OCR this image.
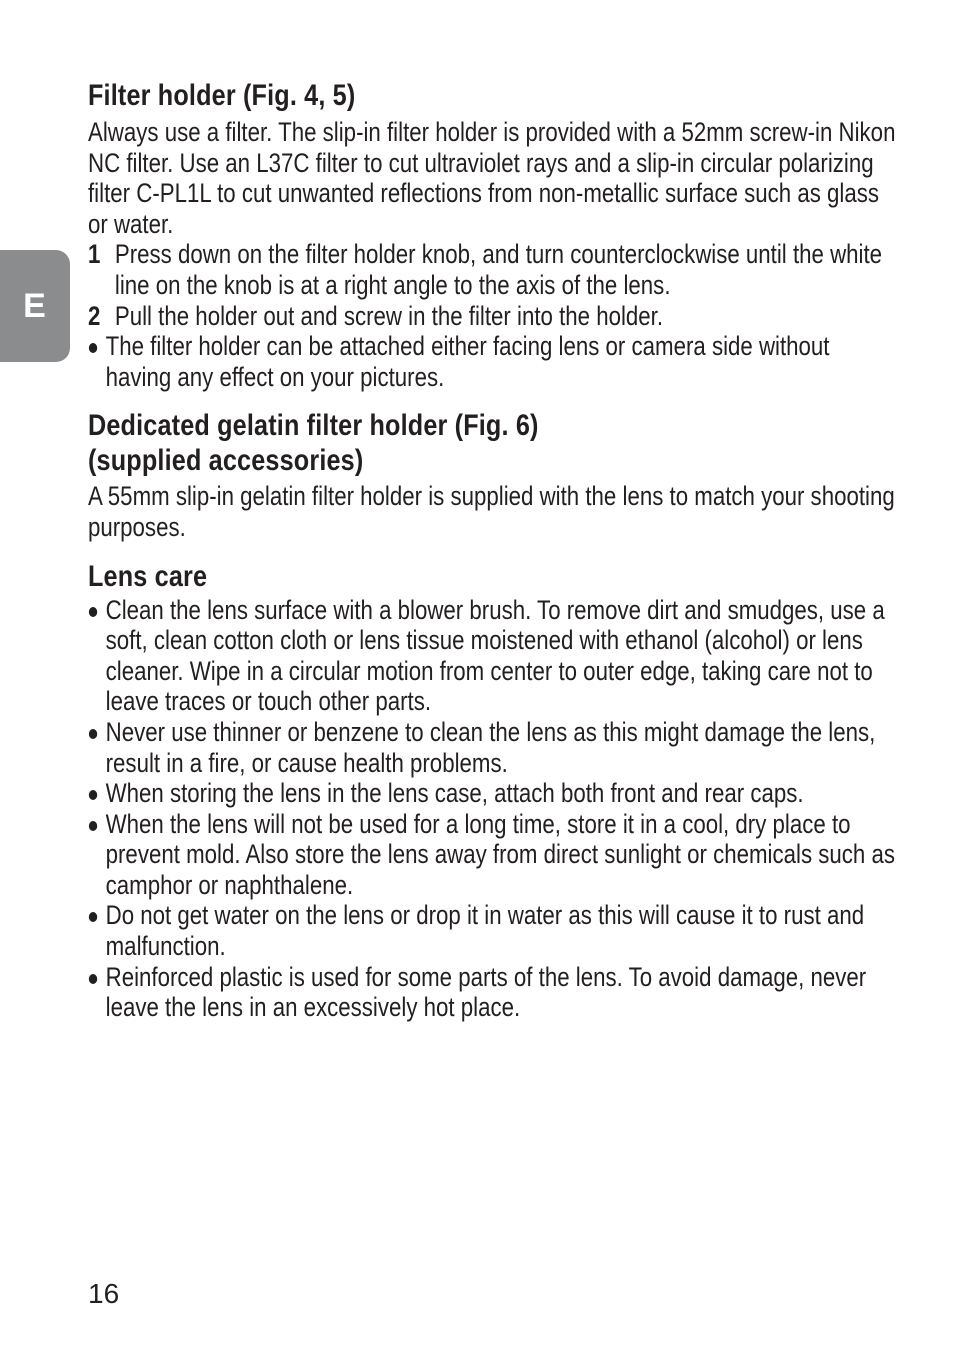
E
Filter holder (Fig. 4, 5)

Always use a filter. The slip-in filter holder is provided with a 52mm screw-in Nikon NC filter. Use an L37C filter to cut ultraviolet rays and a slip-in circular polarizing filter C-PL1L to cut unwanted reflections from non-metallic surface such as glass or water.

1 Press down on the filter holder knob, and turn counterclockwise until the white line on the knob is at a right angle to the axis of the lens.
2 Pull the holder out and screw in the filter into the holder.
The filter holder can be attached either facing lens or camera side without having any effect on your pictures.
Dedicated gelatin filter holder (Fig. 6)
(supplied accessories)

A 55mm slip-in gelatin filter holder is supplied with the lens to match your shooting purposes.

Lens care
Clean the lens surface with a blower brush. To remove dirt and smudges, use a soft, clean cotton cloth or lens tissue moistened with ethanol (alcohol) or lens cleaner. Wipe in a circular motion from center to outer edge, taking care not to leave traces or touch other parts.
Never use thinner or benzene to clean the lens as this might damage the lens, result in a fire, or cause health problems.
When storing the lens in the lens case, attach both front and rear caps.
When the lens will not be used for a long time, store it in a cool, dry place to prevent mold. Also store the lens away from direct sunlight or chemicals such as camphor or naphthalene.
Do not get water on the lens or drop it in water as this will cause it to rust and malfunction.
Reinforced plastic is used for some parts of the lens. To avoid damage, never leave the lens in an excessively hot place.
16
